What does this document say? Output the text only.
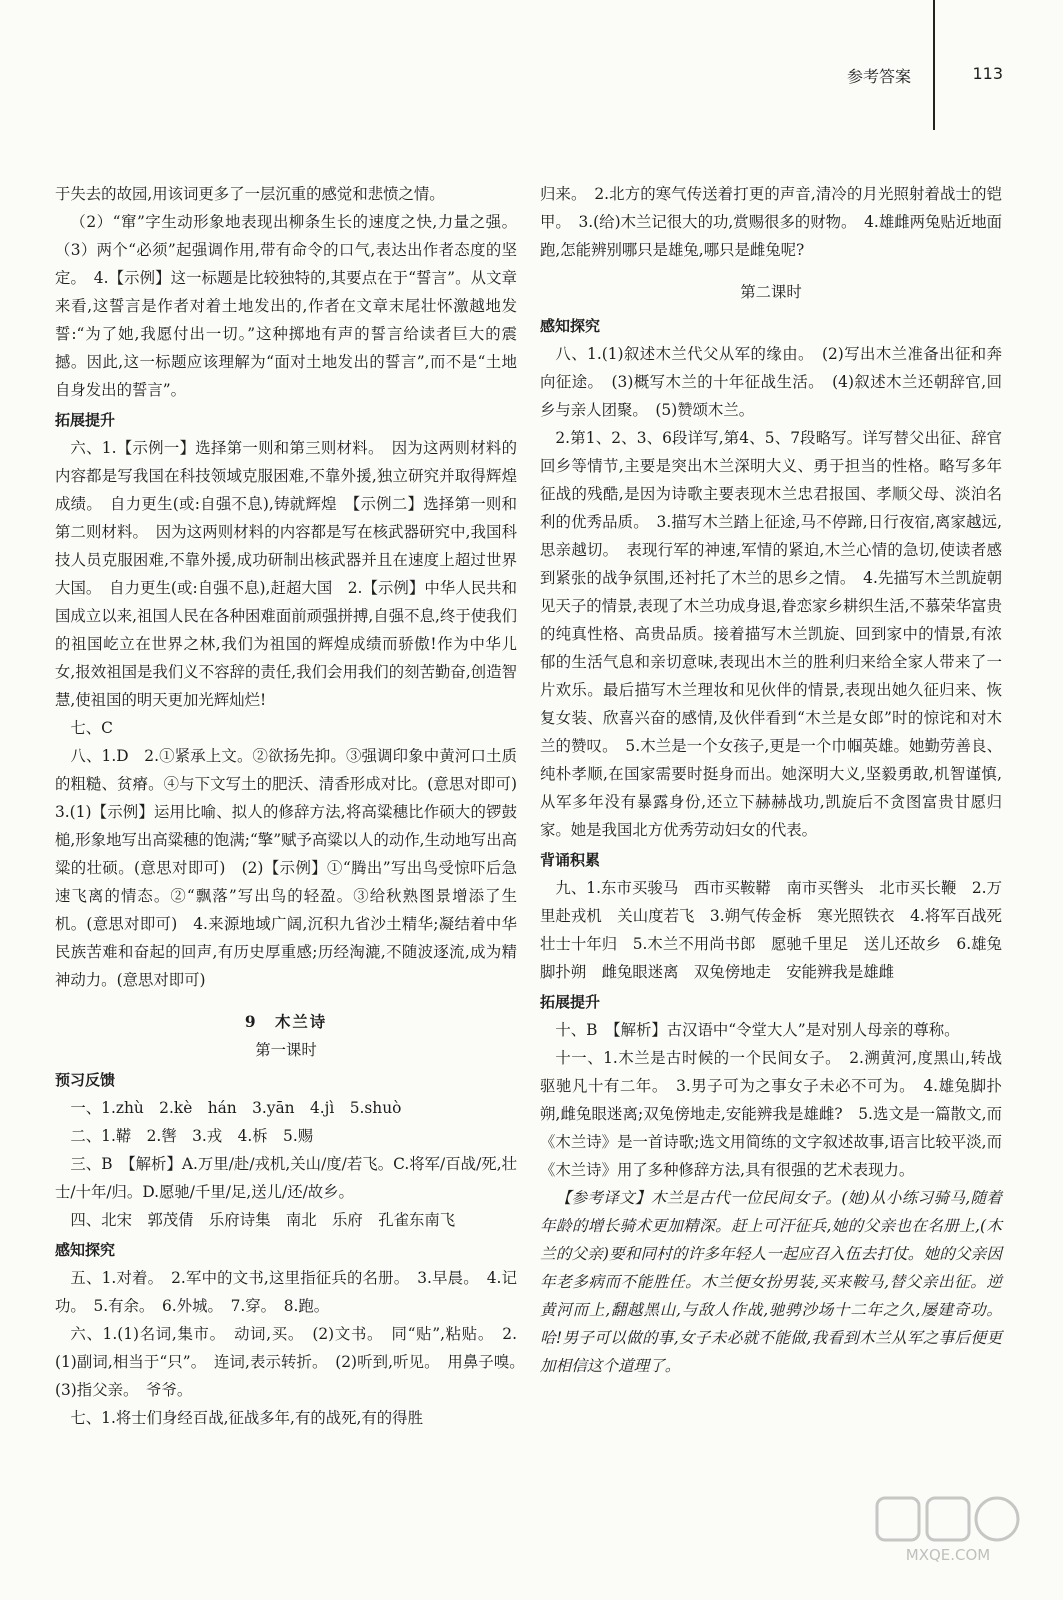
参考答案	113

于失去的故园,用该词更多了一层沉重的感觉和悲愤之情。

（2）“窜”字生动形象地表现出柳条生长的速度之快,力量之强。（3）两个“必须”起强调作用,带有命令的口气,表达出作者态度的坚定。　4.【示例】这一标题是比较独特的,其要点在于“誓言”。从文章来看,这誓言是作者对着土地发出的,作者在文章末尾壮怀激越地发誓:“为了她,我愿付出一切。”这种掷地有声的誓言给读者巨大的震撼。因此,这一标题应该理解为“面对土地发出的誓言”,而不是“土地自身发出的誓言”。

拓展提升

六、1.【示例一】选择第一则和第三则材料。　因为这两则材料的内容都是写我国在科技领域克服困难,不靠外援,独立研究并取得辉煌成绩。　自力更生(或:自强不息),铸就辉煌　【示例二】选择第一则和第二则材料。　因为这两则材料的内容都是写在核武器研究中,我国科技人员克服困难,不靠外援,成功研制出核武器并且在速度上超过世界大国。　自力更生(或:自强不息),赶超大国　2.【示例】中华人民共和国成立以来,祖国人民在各种困难面前顽强拼搏,自强不息,终于使我们的祖国屹立在世界之林,我们为祖国的辉煌成绩而骄傲!作为中华儿女,报效祖国是我们义不容辞的责任,我们会用我们的刻苦勤奋,创造智慧,使祖国的明天更加光辉灿烂!

七、C

八、1.D　2.①紧承上文。②欲扬先抑。③强调印象中黄河口土质的粗糙、贫瘠。④与下文写土的肥沃、清香形成对比。(意思对即可)　3.(1)【示例】运用比喻、拟人的修辞方法,将高粱穗比作硕大的锣鼓槌,形象地写出高粱穗的饱满;“擎”赋予高粱以人的动作,生动地写出高粱的壮硕。(意思对即可)　(2)【示例】①“腾出”写出鸟受惊吓后急速飞离的情态。②“飘落”写出鸟的轻盈。③给秋熟图景增添了生机。(意思对即可)　4.来源地域广阔,沉积九省沙土精华;凝结着中华民族苦难和奋起的回声,有历史厚重感;历经淘漉,不随波逐流,成为精神动力。(意思对即可)

9　木兰诗

第一课时

预习反馈

一、1.zhù　2.kè　hán　3.yān　4.jì　5.shuò

二、1.鞯　2.辔　3.戎　4.柝　5.赐

三、B　【解析】A.万里/赴/戎机,关山/度/若飞。C.将军/百战/死,壮士/十年/归。D.愿驰/千里/足,送儿/还/故乡。

四、北宋　郭茂倩　乐府诗集　南北　乐府　孔雀东南飞

感知探究

五、1.对着。　2.军中的文书,这里指征兵的名册。　3.早晨。　4.记功。　5.有余。　6.外城。　7.穿。　8.跑。

六、1.(1)名词,集市。　动词,买。　(2)文书。　同“贴”,粘贴。　2.(1)副词,相当于“只”。　连词,表示转折。　(2)听到,听见。　用鼻子嗅。　(3)指父亲。　爷爷。

七、1.将士们身经百战,征战多年,有的战死,有的得胜

归来。　2.北方的寒气传送着打更的声音,清冷的月光照射着战士的铠甲。　3.(给)木兰记很大的功,赏赐很多的财物。　4.雄雌两兔贴近地面跑,怎能辨别哪只是雄兔,哪只是雌兔呢?

第二课时

感知探究

八、1.(1)叙述木兰代父从军的缘由。　(2)写出木兰准备出征和奔向征途。　(3)概写木兰的十年征战生活。　(4)叙述木兰还朝辞官,回乡与亲人团聚。　(5)赞颂木兰。

2.第1、2、3、6段详写,第4、5、7段略写。详写替父出征、辞官回乡等情节,主要是突出木兰深明大义、勇于担当的性格。略写多年征战的残酷,是因为诗歌主要表现木兰忠君报国、孝顺父母、淡泊名利的优秀品质。　3.描写木兰踏上征途,马不停蹄,日行夜宿,离家越远,思亲越切。　表现行军的神速,军情的紧迫,木兰心情的急切,使读者感到紧张的战争氛围,还衬托了木兰的思乡之情。　4.先描写木兰凯旋朝见天子的情景,表现了木兰功成身退,眷恋家乡耕织生活,不慕荣华富贵的纯真性格、高贵品质。接着描写木兰凯旋、回到家中的情景,有浓郁的生活气息和亲切意味,表现出木兰的胜利归来给全家人带来了一片欢乐。最后描写木兰理妆和见伙伴的情景,表现出她久征归来、恢复女装、欣喜兴奋的感情,及伙伴看到“木兰是女郎”时的惊诧和对木兰的赞叹。　5.木兰是一个女孩子,更是一个巾帼英雄。她勤劳善良、纯朴孝顺,在国家需要时挺身而出。她深明大义,坚毅勇敢,机智谨慎,从军多年没有暴露身份,还立下赫赫战功,凯旋后不贪图富贵甘愿归家。她是我国北方优秀劳动妇女的代表。

背诵积累

九、1.东市买骏马　西市买鞍鞯　南市买辔头　北市买长鞭　2.万里赴戎机　关山度若飞　3.朔气传金柝　寒光照铁衣　4.将军百战死　壮士十年归　5.木兰不用尚书郎　愿驰千里足　送儿还故乡　6.雄兔脚扑朔　雌兔眼迷离　双兔傍地走　安能辨我是雄雌

拓展提升

十、B　【解析】古汉语中“令堂大人”是对别人母亲的尊称。

十一、1.木兰是古时候的一个民间女子。　2.溯黄河,度黑山,转战驱驰凡十有二年。　3.男子可为之事女子未必不可为。　4.雄兔脚扑朔,雌兔眼迷离;双兔傍地走,安能辨我是雄雌?　5.选文是一篇散文,而《木兰诗》是一首诗歌;选文用简练的文字叙述故事,语言比较平淡,而《木兰诗》用了多种修辞方法,具有很强的艺术表现力。

【参考译文】木兰是古代一位民间女子。(她)从小练习骑马,随着年龄的增长骑术更加精深。赶上可汗征兵,她的父亲也在名册上,(木兰的父亲)要和同村的许多年轻人一起应召入伍去打仗。她的父亲因年老多病而不能胜任。木兰便女扮男装,买来鞍马,替父亲出征。逆黄河而上,翻越黑山,与敌人作战,驰骋沙场十二年之久,屡建奇功。哈!男子可以做的事,女子未必就不能做,我看到木兰从军之事后便更加相信这个道理了。

MXQE.COM
